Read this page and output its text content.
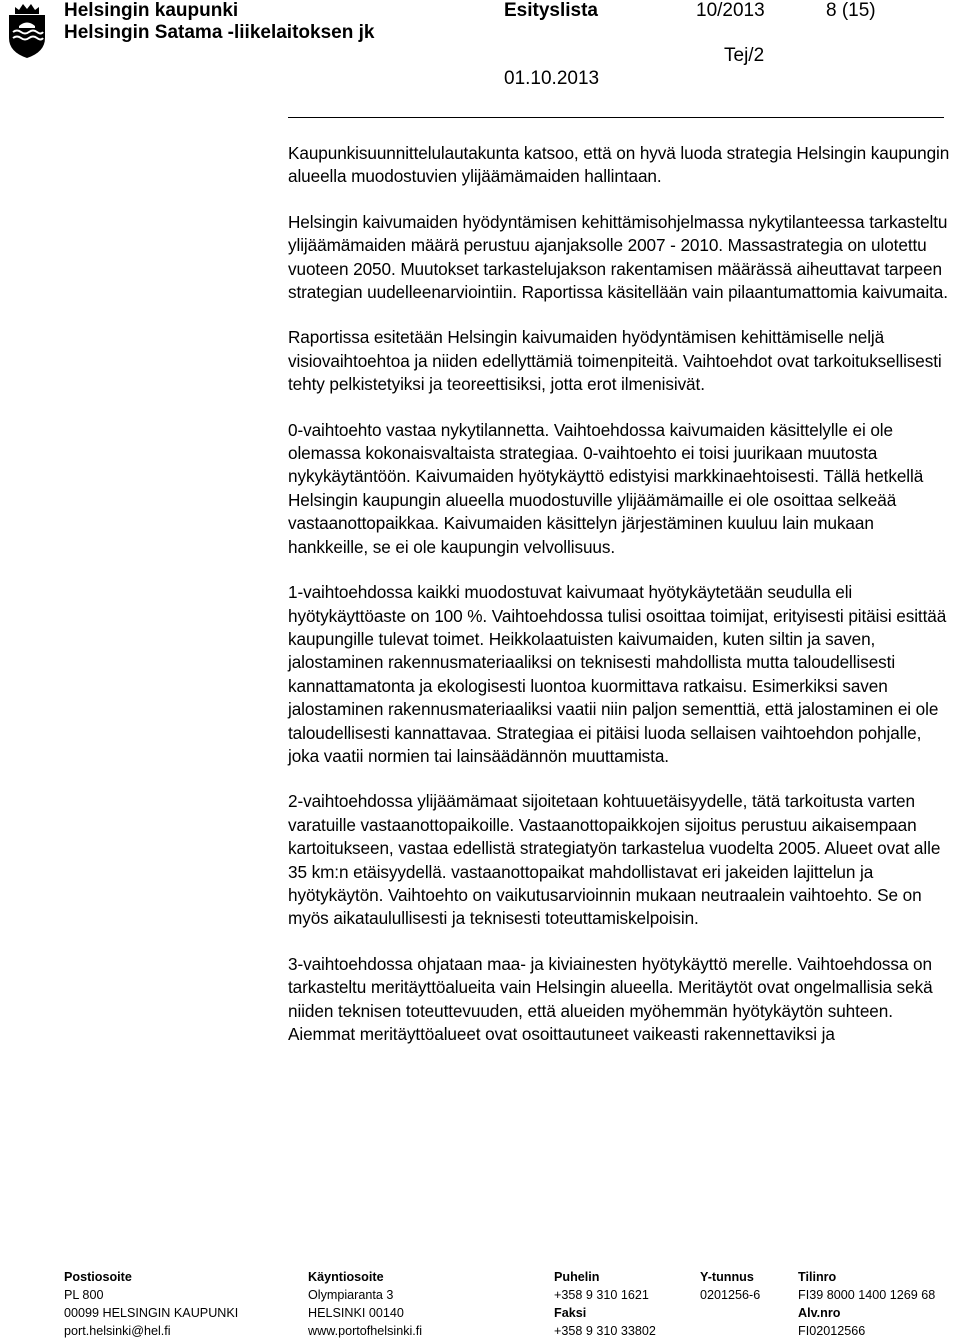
Helsingin kaupunki
Helsingin Satama -liikelaitoksen jk
Esityslista	10/2013	8 (15)
Tej/2
01.10.2013

Kaupunkisuunnittelulautakunta katsoo, että on hyvä luoda strategia Helsingin kaupungin alueella muodostuvien ylijäämämaiden hallintaan.

Helsingin kaivumaiden hyödyntämisen kehittämisohjelmassa nykytilanteessa tarkasteltu ylijäämämaiden määrä perustuu ajanjaksolle 2007 - 2010. Massastrategia on ulotettu vuoteen 2050. Muutokset tarkastelujakson rakentamisen määrässä aiheuttavat tarpeen strategian uudelleenarviointiin. Raportissa käsitellään vain pilaantumattomia kaivumaita.

Raportissa esitetään Helsingin kaivumaiden hyödyntämisen kehittämiselle neljä visiovaihtoehtoa ja niiden edellyttämiä toimenpiteitä. Vaihtoehdot ovat tarkoituksellisesti tehty pelkistetyiksi ja teoreettisiksi, jotta erot ilmenisivät.

0-vaihtoehto vastaa nykytilannetta. Vaihtoehdossa kaivumaiden käsittelylle ei ole olemassa kokonaisvaltaista strategiaa. 0-vaihtoehto ei toisi juurikaan muutosta nykykäytäntöön. Kaivumaiden hyötykäyttö edistyisi markkinaehtoisesti. Tällä hetkellä Helsingin kaupungin alueella muodostuville ylijäämämaille ei ole osoittaa selkeää vastaanottopaikkaa. Kaivumaiden käsittelyn järjestäminen kuuluu lain mukaan hankkeille, se ei ole kaupungin velvollisuus.

1-vaihtoehdossa kaikki muodostuvat kaivumaat hyötykäytetään seudulla eli hyötykäyttöaste on 100 %. Vaihtoehdossa tulisi osoittaa toimijat, erityisesti pitäisi esittää kaupungille tulevat toimet. Heikkolaatuisten kaivumaiden, kuten siltin ja saven, jalostaminen rakennusmateriaaliksi on teknisesti mahdollista mutta taloudellisesti kannattamatonta ja ekologisesti luontoa kuormittava ratkaisu. Esimerkiksi saven jalostaminen rakennusmateriaaliksi vaatii niin paljon sementtiä, että jalostaminen ei ole taloudellisesti kannattavaa. Strategiaa ei pitäisi luoda sellaisen vaihtoehdon pohjalle, joka vaatii normien tai lainsäädännön muuttamista.

2-vaihtoehdossa ylijäämämaat sijoitetaan kohtuuetäisyydelle, tätä tarkoitusta varten varatuille vastaanottopaikoille. Vastaanottopaikkojen sijoitus perustuu aikaisempaan kartoitukseen, vastaa edellistä strategiatyön tarkastelua vuodelta 2005. Alueet ovat alle 35 km:n etäisyydellä. vastaanottopaikat mahdollistavat eri jakeiden lajittelun ja hyötykäytön. Vaihtoehto on vaikutusarvioinnin mukaan neutraalein vaihtoehto. Se on myös aikataulullisesti ja teknisesti toteuttamiskelpoisin.

3-vaihtoehdossa ohjataan maa- ja kiviainesten hyötykäyttö merelle. Vaihtoehdossa on tarkasteltu meritäyttöalueita vain Helsingin alueella. Meritäytöt ovat ongelmallisia sekä niiden teknisen toteuttevuuden, että alueiden myöhemmän hyötykäytön suhteen. Aiemmat meritäyttöalueet ovat osoittautuneet vaikeasti rakennettaviksi ja

Postiosoite
PL 800
00099 HELSINGIN KAUPUNKI
port.helsinki@hel.fi
Käyntiosoite
Olympiaranta 3
HELSINKI 00140
www.portofhelsinki.fi
Puhelin
+358 9 310 1621
Faksi
+358 9 310 33802
Y-tunnus
0201256-6
Tilinro
FI39 8000 1400 1269 68
Alv.nro
FI02012566
